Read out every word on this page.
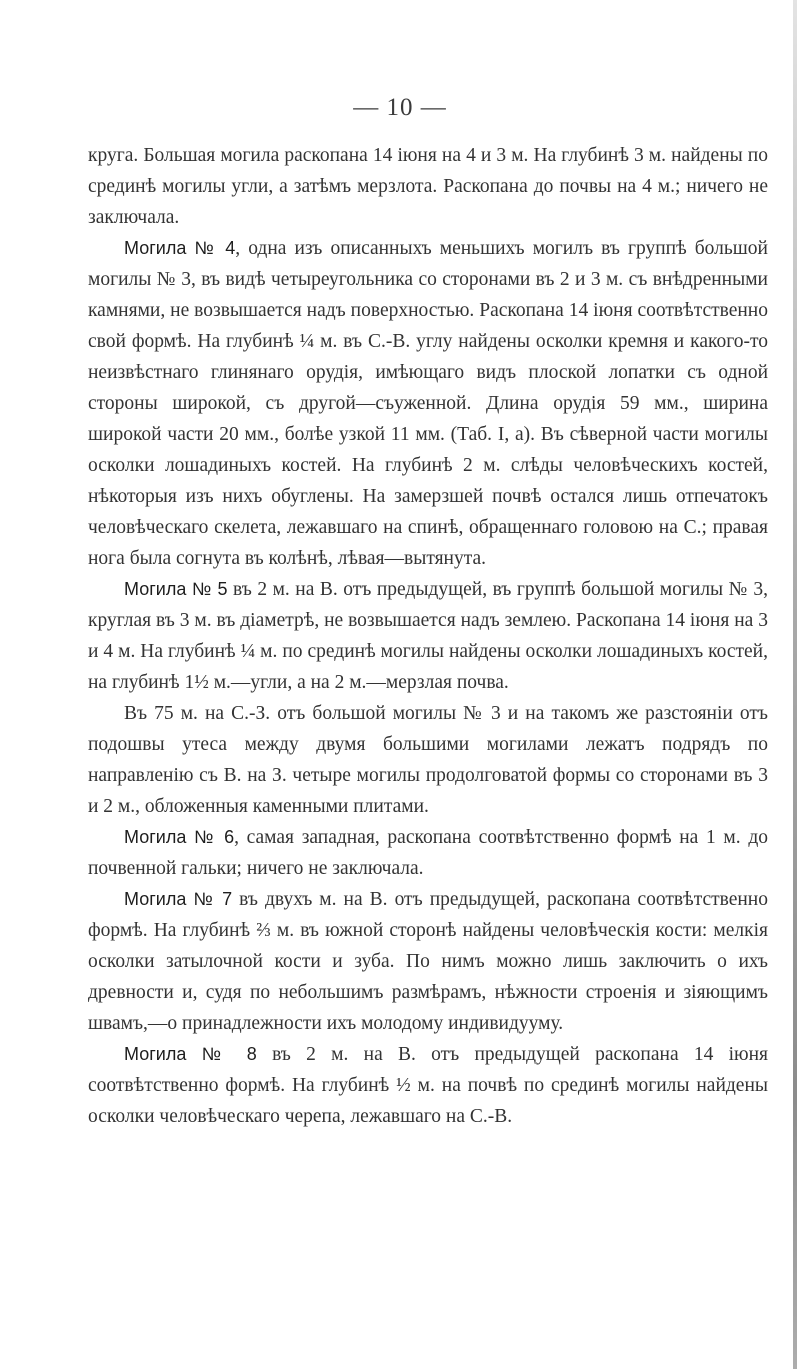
— 10 —

круга. Большая могила раскопана 14 іюня на 4 и 3 м. На глубинѣ 3 м. найдены по срединѣ могилы угли, а затѣмъ мерзлота. Раскопана до почвы на 4 м.; ничего не заключала.

Могила № 4, одна изъ описанныхъ меньшихъ могилъ въ группѣ большой могилы № 3, въ видѣ четыреугольника со сторонами въ 2 и 3 м. съ внѣдренными камнями, не возвышается надъ поверхностью. Раскопана 14 іюня соотвѣтственно свой формѣ. На глубинѣ ¼ м. въ С.-В. углу найдены осколки кремня и какого-то неизвѣстнаго глинянаго орудія, имѣющаго видъ плоской лопатки съ одной стороны широкой, съ другой—съуженной. Длина орудія 59 мм., ширина широкой части 20 мм., болѣе узкой 11 мм. (Таб. I, a). Въ сѣверной части могилы осколки лошадиныхъ костей. На глубинѣ 2 м. слѣды человѣческихъ костей, нѣкоторыя изъ нихъ обуглены. На замерзшей почвѣ остался лишь отпечатокъ человѣческаго скелета, лежавшаго на спинѣ, обращеннаго головою на С.; правая нога была согнута въ колѣнѣ, лѣвая—вытянута.

Могила № 5 въ 2 м. на В. отъ предыдущей, въ группѣ большой могилы № 3, круглая въ 3 м. въ діаметрѣ, не возвышается надъ землею. Раскопана 14 іюня на 3 и 4 м. На глубинѣ ¼ м. по срединѣ могилы найдены осколки лошадиныхъ костей, на глубинѣ 1½ м.—угли, а на 2 м.—мерзлая почва.

Въ 75 м. на С.-З. отъ большой могилы № 3 и на такомъ же разстояніи отъ подошвы утеса между двумя большими могилами лежатъ подрядъ по направленію съ В. на З. четыре могилы продолговатой формы со сторонами въ 3 и 2 м., обложенныя каменными плитами.

Могила № 6, самая западная, раскопана соотвѣтственно формѣ на 1 м. до почвенной гальки; ничего не заключала.

Могила № 7 въ двухъ м. на В. отъ предыдущей, раскопана соотвѣтственно формѣ. На глубинѣ ⅔ м. въ южной сторонѣ найдены человѣческія кости: мелкія осколки затылочной кости и зуба. По нимъ можно лишь заключить о ихъ древности и, судя по небольшимъ размѣрамъ, нѣжности строенія и зіяющимъ швамъ,—о принадлежности ихъ молодому индивидууму.

Могила № 8 въ 2 м. на В. отъ предыдущей раскопана 14 іюня соотвѣтственно формѣ. На глубинѣ ½ м. на почвѣ по срединѣ могилы найдены осколки человѣческаго черепа, лежавшаго на С.-В.
